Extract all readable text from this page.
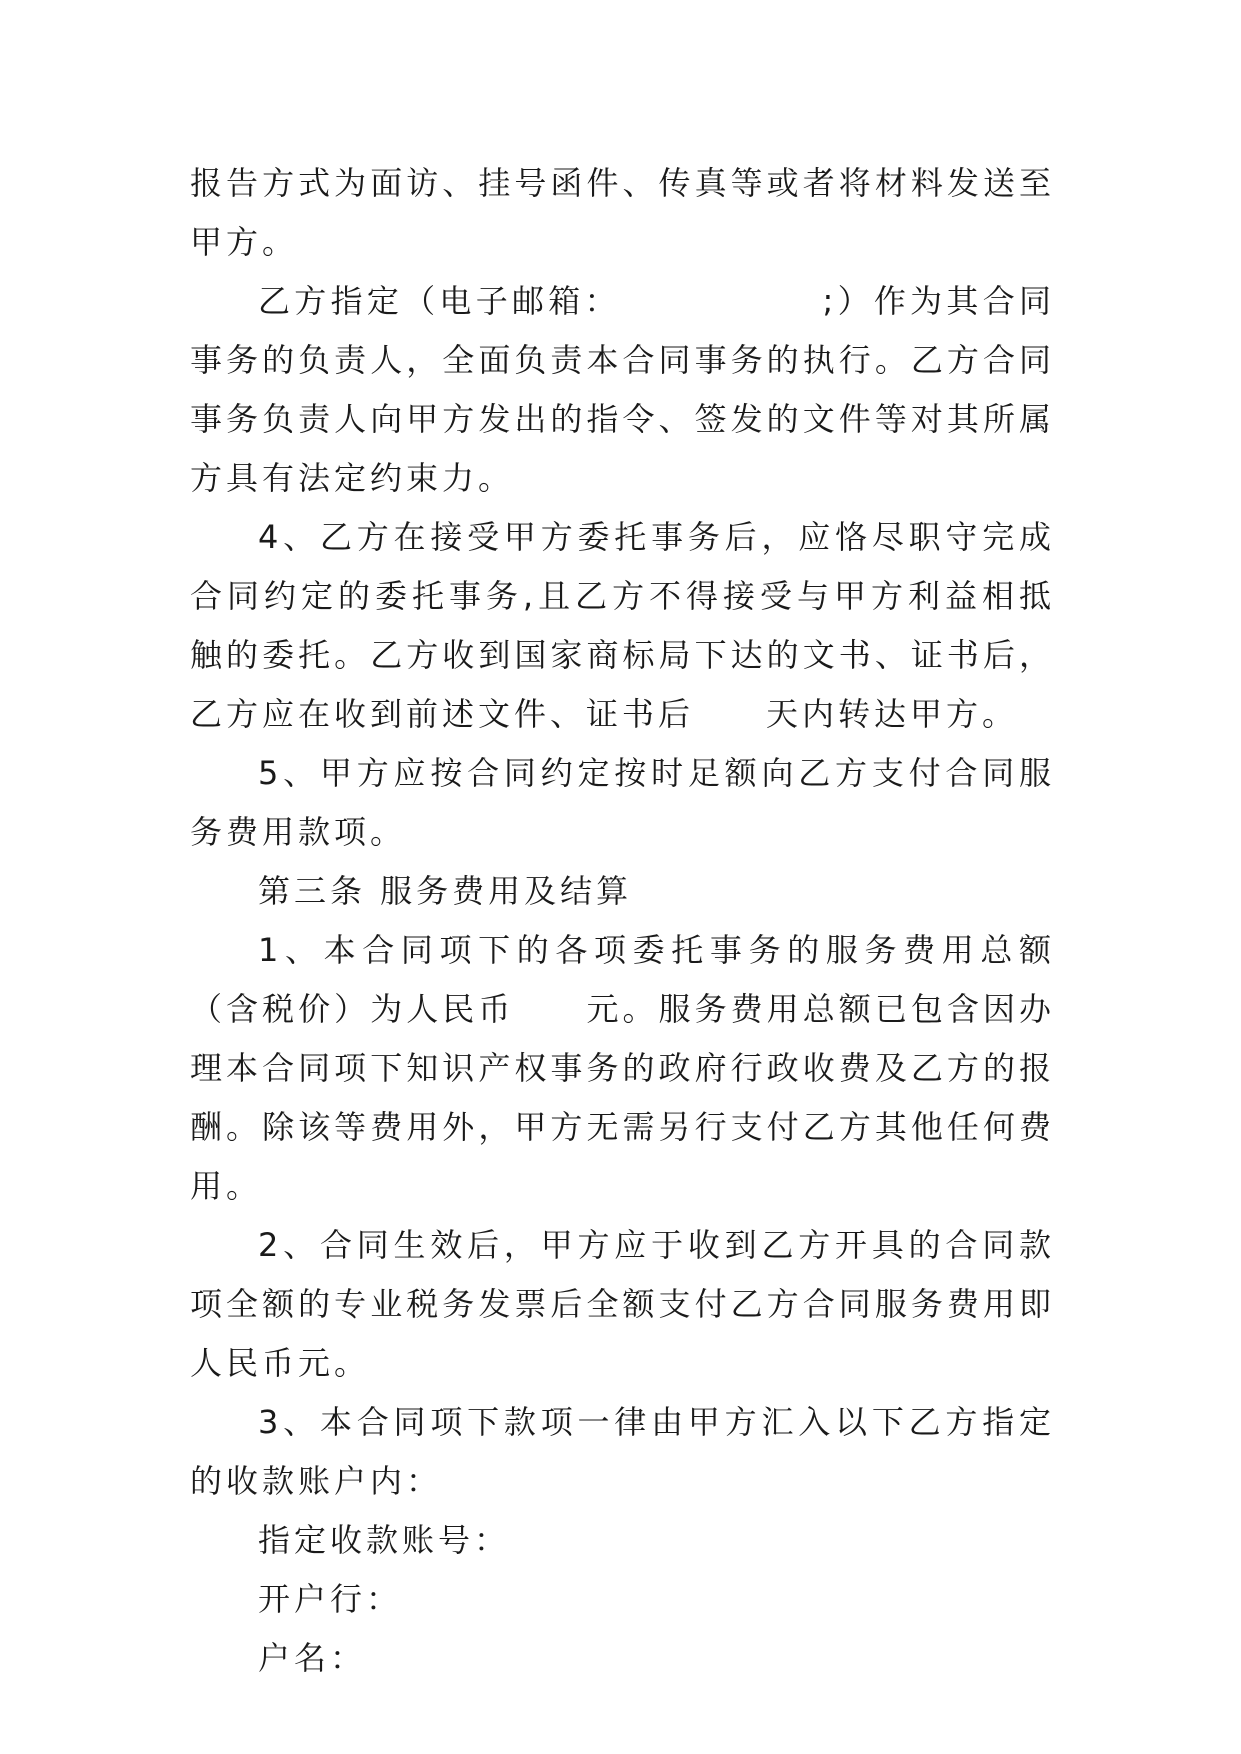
报告方式为面访、挂号函件、传真等或者将材料发送至甲方。

乙方指定（电子邮箱：　　　　　　;）作为其合同事务的负责人，全面负责本合同事务的执行。乙方合同事务负责人向甲方发出的指令、签发的文件等对其所属方具有法定约束力。

4、乙方在接受甲方委托事务后，应恪尽职守完成合同约定的委托事务,且乙方不得接受与甲方利益相抵触的委托。乙方收到国家商标局下达的文书、证书后，乙方应在收到前述文件、证书后　　天内转达甲方。

5、甲方应按合同约定按时足额向乙方支付合同服务费用款项。

第三条 服务费用及结算

1、本合同项下的各项委托事务的服务费用总额（含税价）为人民币　　元。服务费用总额已包含因办理本合同项下知识产权事务的政府行政收费及乙方的报酬。除该等费用外，甲方无需另行支付乙方其他任何费用。

2、合同生效后，甲方应于收到乙方开具的合同款项全额的专业税务发票后全额支付乙方合同服务费用即人民币元。

3、本合同项下款项一律由甲方汇入以下乙方指定的收款账户内：

指定收款账号：

开户行：

户名：
